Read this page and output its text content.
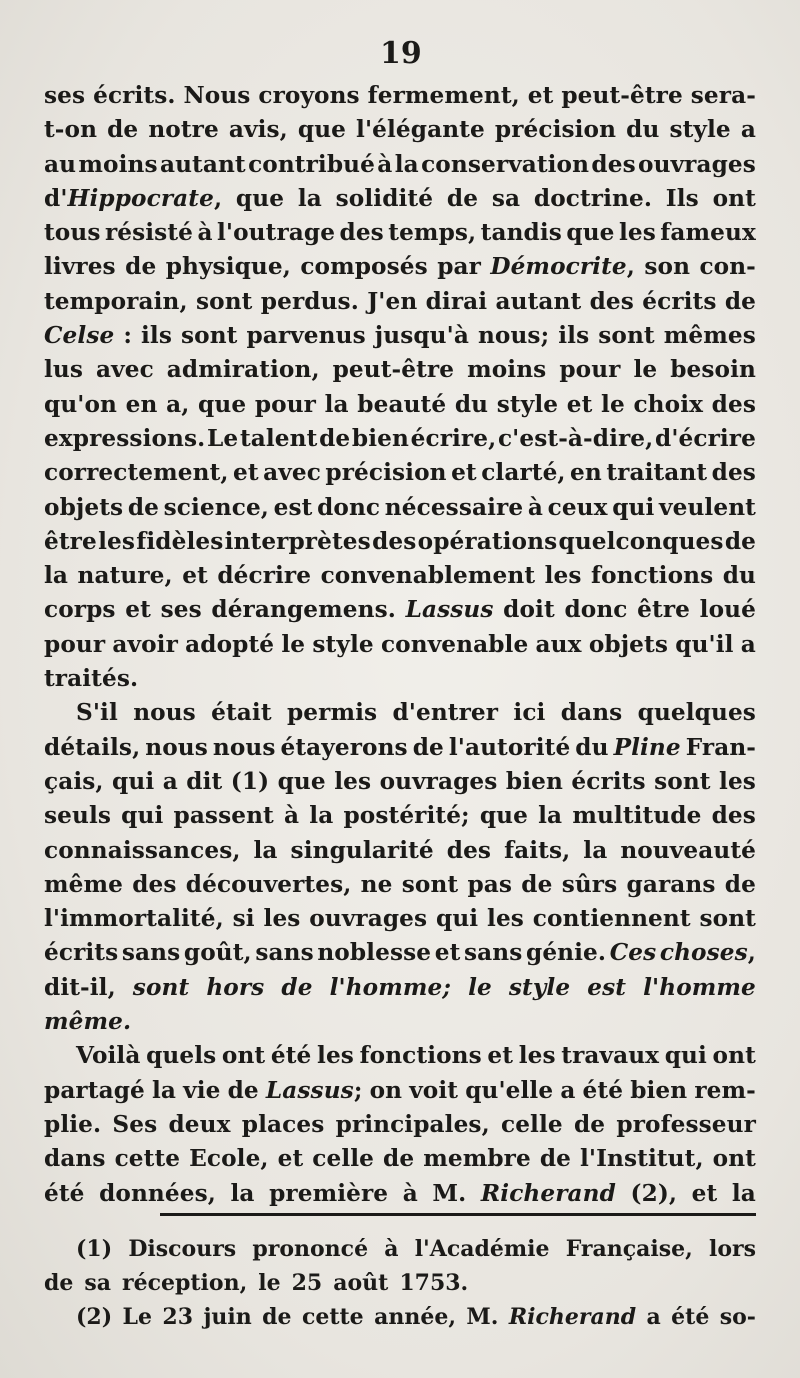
19
ses écrits. Nous croyons fermement, et peut-être sera-
t-on de notre avis, que l'élégante précision du style a
au moins autant contribué à la conservation des ouvrages
d'Hippocrate, que la solidité de sa doctrine. Ils ont
tous résisté à l'outrage des temps, tandis que les fameux
livres de physique, composés par Démocrite, son con-
temporain, sont perdus. J'en dirai autant des écrits de
Celse : ils sont parvenus jusqu'à nous; ils sont mêmes
lus avec admiration, peut-être moins pour le besoin
qu'on en a, que pour la beauté du style et le choix des
expressions. Le talent de bien écrire, c'est-à-dire, d'écrire
correctement, et avec précision et clarté, en traitant des
objets de science, est donc nécessaire à ceux qui veulent
être les fidèles interprètes des opérations quelconques de
la nature, et décrire convenablement les fonctions du
corps et ses dérangemens. Lassus doit donc être loué
pour avoir adopté le style convenable aux objets qu'il a
traités.
S'il nous était permis d'entrer ici dans quelques
détails, nous nous étayerons de l'autorité du Pline Fran-
çais, qui a dit (1) que les ouvrages bien écrits sont les
seuls qui passent à la postérité; que la multitude des
connaissances, la singularité des faits, la nouveauté
même des découvertes, ne sont pas de sûrs garans de
l'immortalité, si les ouvrages qui les contiennent sont
écrits sans goût, sans noblesse et sans génie. Ces choses,
dit-il, sont hors de l'homme; le style est l'homme
même.
Voilà quels ont été les fonctions et les travaux qui ont
partagé la vie de Lassus; on voit qu'elle a été bien rem-
plie. Ses deux places principales, celle de professeur
dans cette Ecole, et celle de membre de l'Institut, ont
été données, la première à M. Richerand (2), et la
(1) Discours prononcé à l'Académie Française, lors
de sa réception, le 25 août 1753.
(2) Le 23 juin de cette année, M. Richerand a été so-
